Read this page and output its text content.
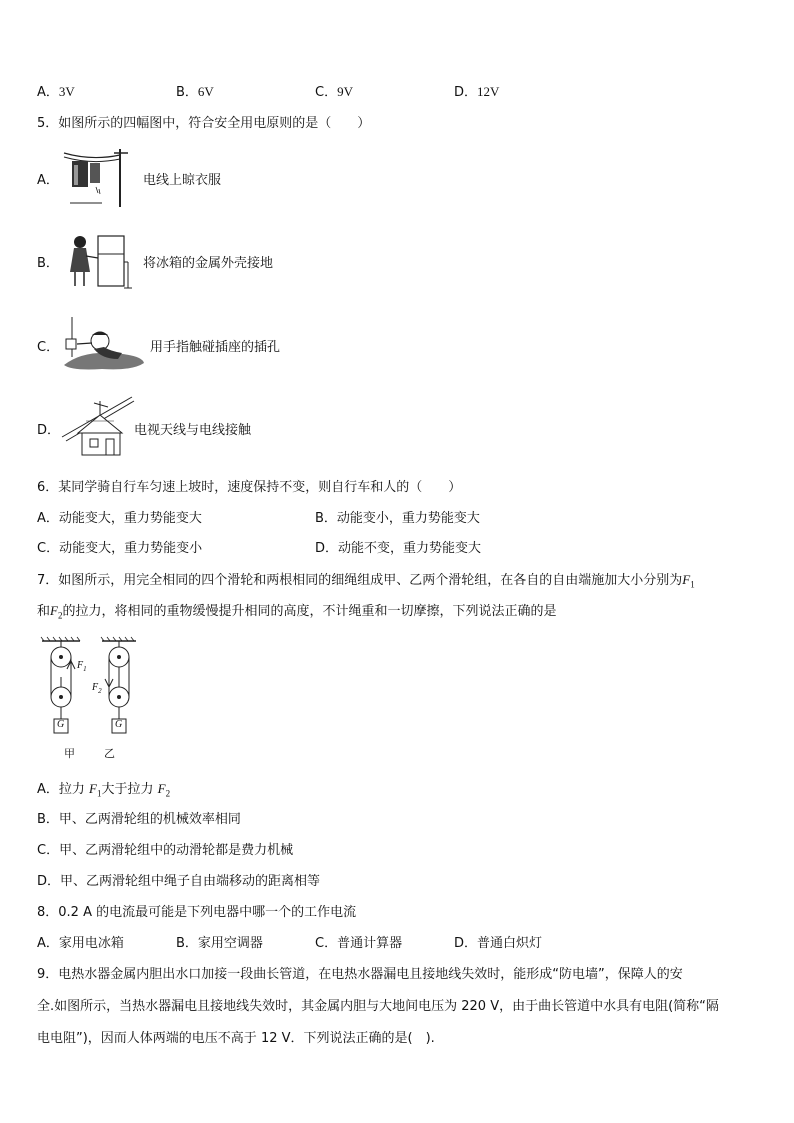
A．3V	B．6V	C．9V	D．12V
5．如图所示的四幅图中，符合安全用电原则的是（　　）
A．	电线上晾衣服
B．	将冰箱的金属外壳接地
C．	用手指触碰插座的插孔
D．	电视天线与电线接触
6．某同学骑自行车匀速上坡时，速度保持不变，则自行车和人的（　　）
A．动能变大，重力势能变大	B．动能变小，重力势能变大
C．动能变大，重力势能变小	D．动能不变，重力势能变大
7．如图所示，用完全相同的四个滑轮和两根相同的细绳组成甲、乙两个滑轮组，在各自的自由端施加大小分别为$F_1$
和$F_2$的拉力，将相同的重物缓慢提升相同的高度，不计绳重和一切摩擦，下列说法正确的是
$F_1$
$F_2$
G	G
甲	乙
A．拉力 $F_1$大于拉力 $F_2$
B．甲、乙两滑轮组的机械效率相同
C．甲、乙两滑轮组中的动滑轮都是费力机械
D．甲、乙两滑轮组中绳子自由端移动的距离相等
8．0.2 A 的电流最可能是下列电器中哪一个的工作电流
A．家用电冰箱	B．家用空调器	C．普通计算器	D．普通白炽灯
9．电热水器金属内胆出水口加接一段曲长管道，在电热水器漏电且接地线失效时，能形成“防电墙”，保障人的安
全.如图所示，当热水器漏电且接地线失效时，其金属内胆与大地间电压为 220 V，由于曲长管道中水具有电阻(简称“隔
电电阻”)，因而人体两端的电压不高于 12 V．下列说法正确的是(　).
